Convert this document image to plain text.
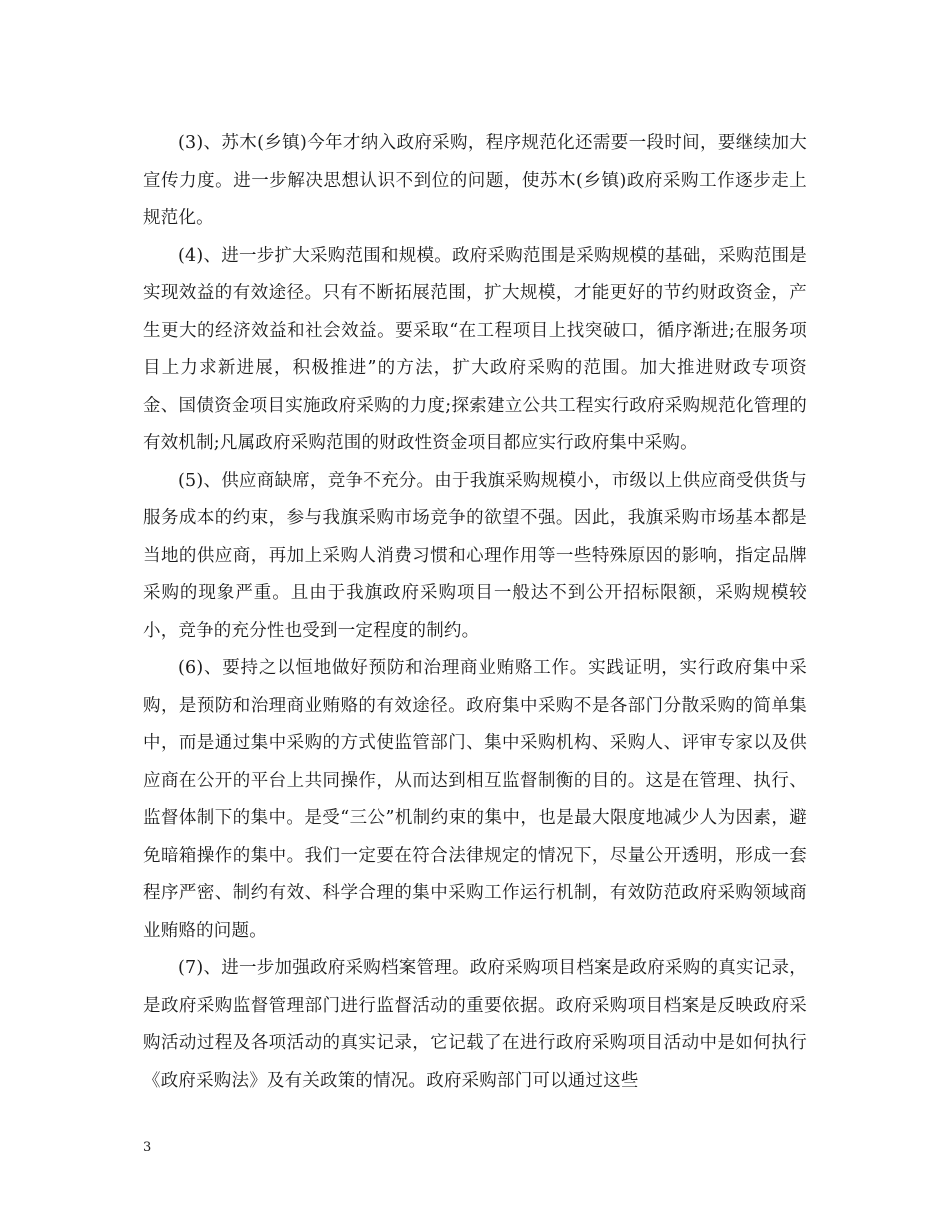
(3)、苏木(乡镇)今年才纳入政府采购，程序规范化还需要一段时间，要继续加大宣传力度。进一步解决思想认识不到位的问题，使苏木(乡镇)政府采购工作逐步走上规范化。

(4)、进一步扩大采购范围和规模。政府采购范围是采购规模的基础，采购范围是实现效益的有效途径。只有不断拓展范围，扩大规模，才能更好的节约财政资金，产生更大的经济效益和社会效益。要采取“在工程项目上找突破口，循序渐进;在服务项目上力求新进展，积极推进”的方法，扩大政府采购的范围。加大推进财政专项资金、国债资金项目实施政府采购的力度;探索建立公共工程实行政府采购规范化管理的有效机制;凡属政府采购范围的财政性资金项目都应实行政府集中采购。

(5)、供应商缺席，竞争不充分。由于我旗采购规模小，市级以上供应商受供货与服务成本的约束，参与我旗采购市场竞争的欲望不强。因此，我旗采购市场基本都是当地的供应商，再加上采购人消费习惯和心理作用等一些特殊原因的影响，指定品牌采购的现象严重。且由于我旗政府采购项目一般达不到公开招标限额，采购规模较小，竞争的充分性也受到一定程度的制约。

(6)、要持之以恒地做好预防和治理商业贿赂工作。实践证明，实行政府集中采购，是预防和治理商业贿赂的有效途径。政府集中采购不是各部门分散采购的简单集中，而是通过集中采购的方式使监管部门、集中采购机构、采购人、评审专家以及供应商在公开的平台上共同操作，从而达到相互监督制衡的目的。这是在管理、执行、监督体制下的集中。是受“三公”机制约束的集中，也是最大限度地减少人为因素，避免暗箱操作的集中。我们一定要在符合法律规定的情况下，尽量公开透明，形成一套程序严密、制约有效、科学合理的集中采购工作运行机制，有效防范政府采购领域商业贿赂的问题。

(7)、进一步加强政府采购档案管理。政府采购项目档案是政府采购的真实记录，是政府采购监督管理部门进行监督活动的重要依据。政府采购项目档案是反映政府采购活动过程及各项活动的真实记录，它记载了在进行政府采购项目活动中是如何执行《政府采购法》及有关政策的情况。政府采购部门可以通过这些

3
